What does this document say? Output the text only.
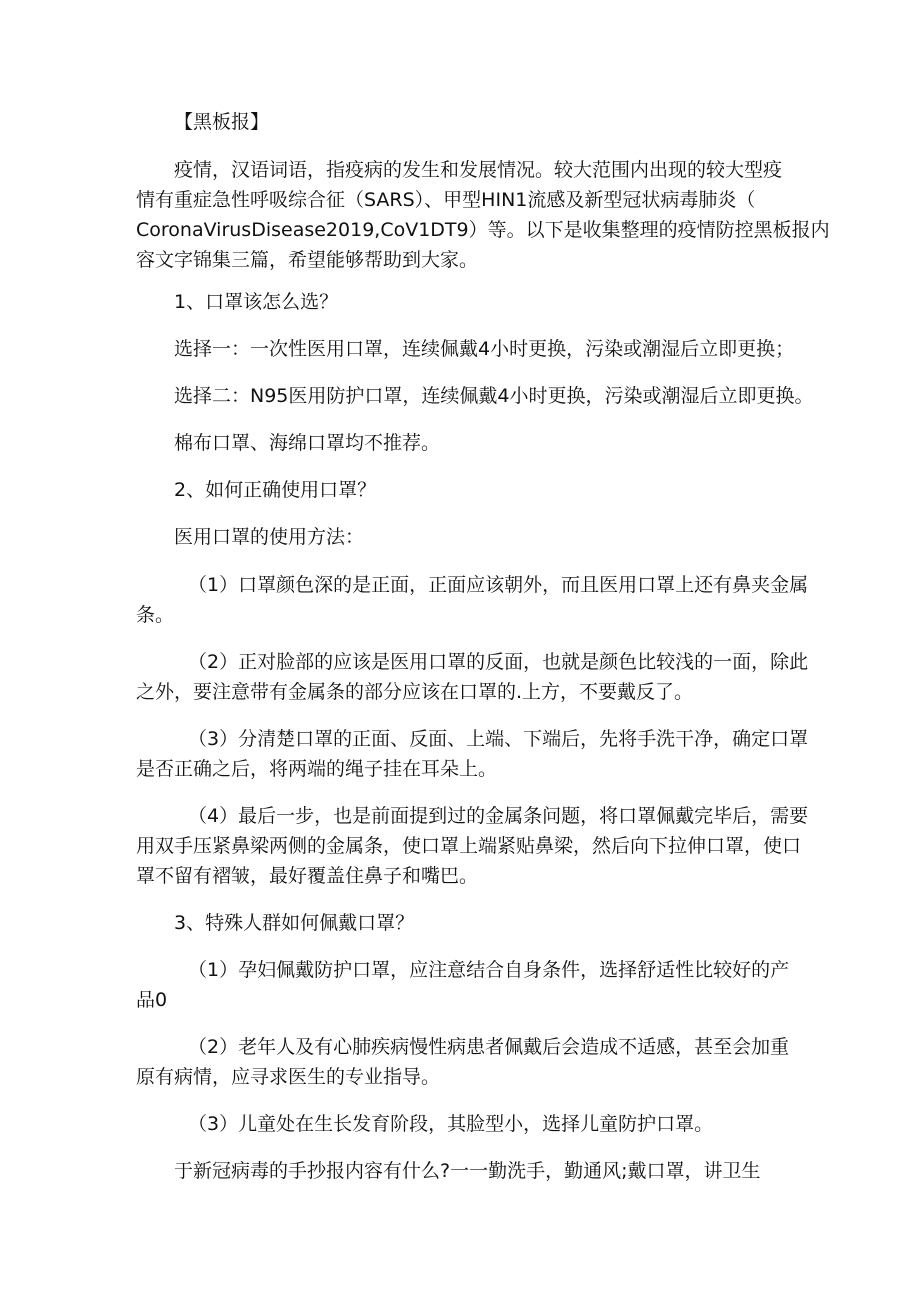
【黑板报】
疫情，汉语词语，指疫病的发生和发展情况。较大范围内出现的较大型疫
情有重症急性呼吸综合征（SARS）、甲型HIN1流感及新型冠状病毒肺炎（
CoronaVirusDisease2019,CoV1DT9）等。以下是收集整理的疫情防控黑板报内
容文字锦集三篇，希望能够帮助到大家。
1、口罩该怎么选？
选择一：一次性医用口罩，连续佩戴4小时更换，污染或潮湿后立即更换；
选择二：N95医用防护口罩，连续佩戴4小时更换，污染或潮湿后立即更换。
棉布口罩、海绵口罩均不推荐。
2、如何正确使用口罩？
医用口罩的使用方法：
（1）口罩颜色深的是正面，正面应该朝外，而且医用口罩上还有鼻夹金属
条。
（2）正对脸部的应该是医用口罩的反面，也就是颜色比较浅的一面，除此
之外，要注意带有金属条的部分应该在口罩的.上方，不要戴反了。
（3）分清楚口罩的正面、反面、上端、下端后，先将手洗干净，确定口罩
是否正确之后，将两端的绳子挂在耳朵上。
（4）最后一步，也是前面提到过的金属条问题，将口罩佩戴完毕后，需要
用双手压紧鼻梁两侧的金属条，使口罩上端紧贴鼻梁，然后向下拉伸口罩，使口
罩不留有褶皱，最好覆盖住鼻子和嘴巴。
3、特殊人群如何佩戴口罩？
（1）孕妇佩戴防护口罩，应注意结合自身条件，选择舒适性比较好的产
品0
（2）老年人及有心肺疾病慢性病患者佩戴后会造成不适感，甚至会加重
原有病情，应寻求医生的专业指导。
（3）儿童处在生长发育阶段，其脸型小，选择儿童防护口罩。
于新冠病毒的手抄报内容有什么?一一勤洗手，勤通风;戴口罩，讲卫生
